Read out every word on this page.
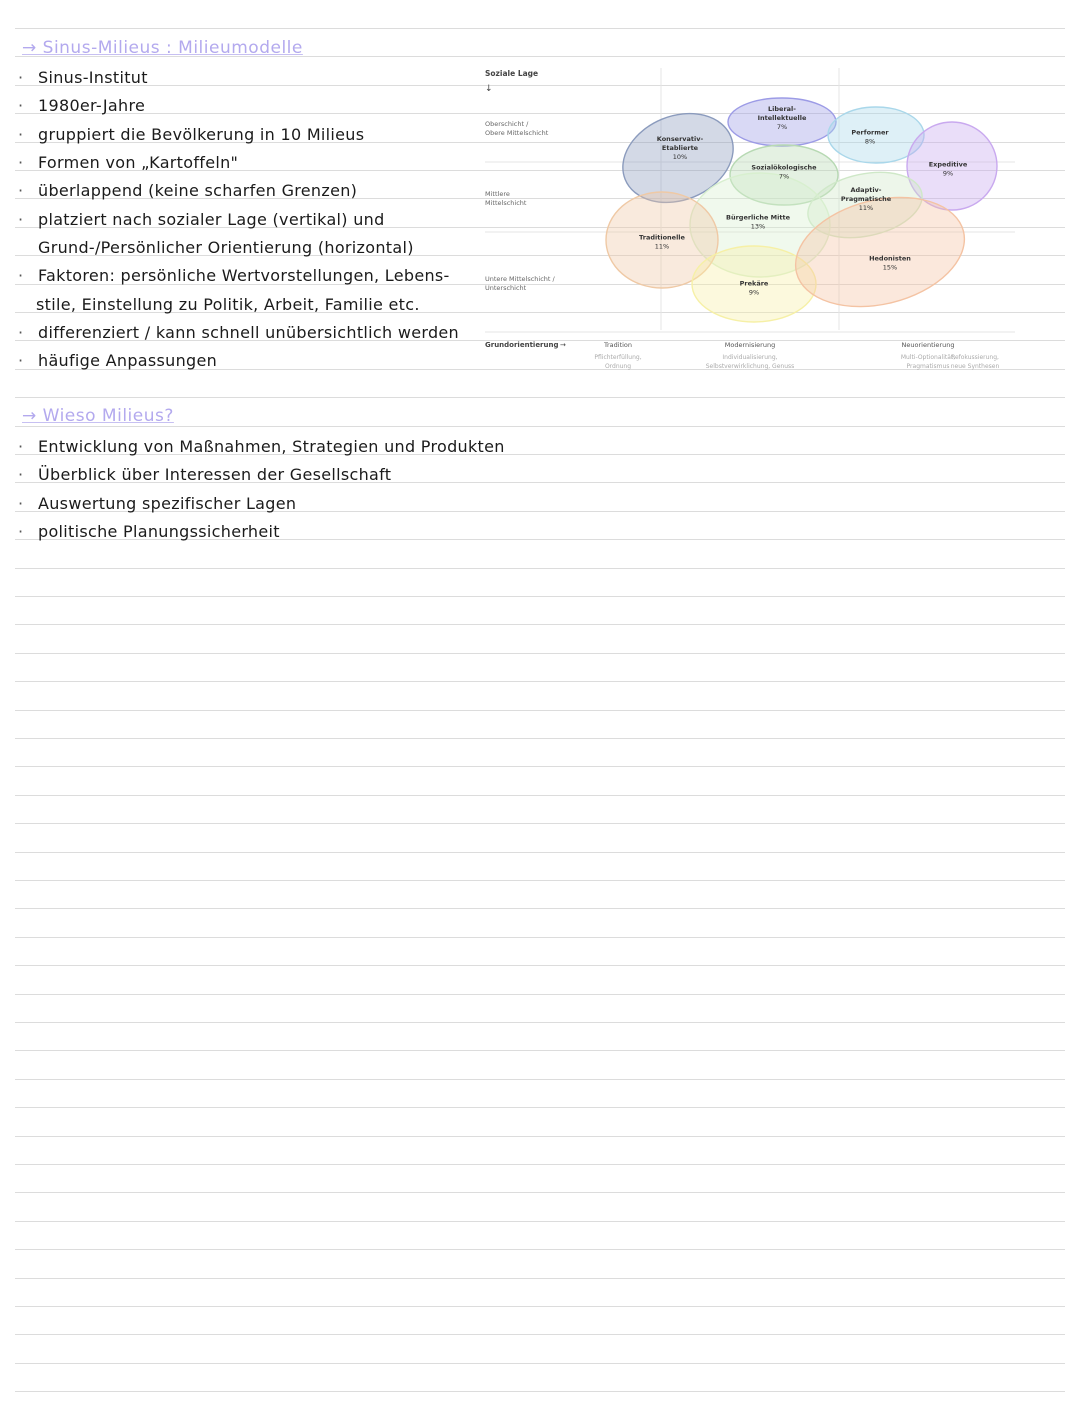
→ Sinus-Milieus : Milieumodelle
· Sinus-Institut
· 1980er-Jahre
· gruppiert die Bevölkerung in 10 Milieus
· Formen von „Kartoffeln"
· überlappend (keine scharfen Grenzen)
· platziert nach sozialer Lage (vertikal) und
Grund-/Persönlicher Orientierung (horizontal)
· Faktoren: persönliche Wertvorstellungen, Lebens-
stile, Einstellung zu Politik, Arbeit, Familie etc.
· differenziert / kann schnell unübersichtlich werden
· häufige Anpassungen
→ Wieso Milieus?
· Entwicklung von Maßnahmen, Strategien und Produkten
· Überblick über Interessen der Gesellschaft
· Auswertung spezifischer Lagen
· politische Planungssicherheit
Soziale Lage
↓
Oberschicht /
Obere Mittelschicht
Mittlere
Mittelschicht
Untere Mittelschicht /
Unterschicht
Grundorientierung →	Tradition
Pflichterfüllung,
Ordnung
Modernisierung
Individualisierung,
Selbstverwirklichung, Genuss
Neuorientierung
Multi-Optionalität,
Pragmatismus
Refokussierung,
neue Synthesen
Konservativ-
Etablierte
10%
Liberal-
Intellektuelle
7%
Performer
8%
Expeditive
9%
Sozialökologische
7%
Adaptiv-
Pragmatische
11%
Bürgerliche Mitte
13%
Traditionelle
11%
Prekäre
9%
Hedonisten
15%
